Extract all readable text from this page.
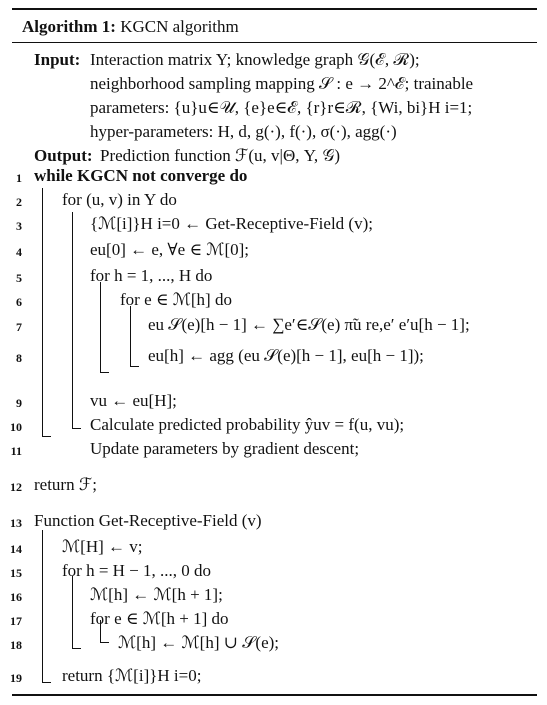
Algorithm 1: KGCN algorithm
Input: Interaction matrix Y; knowledge graph 𝒢(ℰ, ℛ);
neighborhood sampling mapping 𝒮 : e → 2^ℰ; trainable
parameters: {u}u∈𝒰, {e}e∈ℰ, {r}r∈ℛ, {Wi, bi}H i=1;
hyper-parameters: H, d, g(·), f(·), σ(·), agg(·)
Output: Prediction function ℱ(u, v|Θ, Y, 𝒢)
1 while KGCN not converge do
2 for (u, v) in Y do
3	{ℳ[i]}H i=0 ← Get-Receptive-Field (v);
4	eu[0] ← e, ∀e ∈ ℳ[0];
5	for h = 1, ..., H do
6	for e ∈ ℳ[h] do
7	eu 𝒮(e)[h − 1] ← ∑e′∈𝒮(e) π̃u re,e′ e′u[h − 1];
8	eu[h] ← agg (eu 𝒮(e)[h − 1], eu[h − 1]);
9	vu ← eu[H];
10	Calculate predicted probability ŷuv = f(u, vu);
11	Update parameters by gradient descent;
12 return ℱ;
13 Function Get-Receptive-Field (v)
14 ℳ[H] ← v;
15 for h = H − 1, ..., 0 do
16	ℳ[h] ← ℳ[h + 1];
17	for e ∈ ℳ[h + 1] do
18	ℳ[h] ← ℳ[h] ∪ 𝒮(e);
19 return {ℳ[i]}H i=0;
